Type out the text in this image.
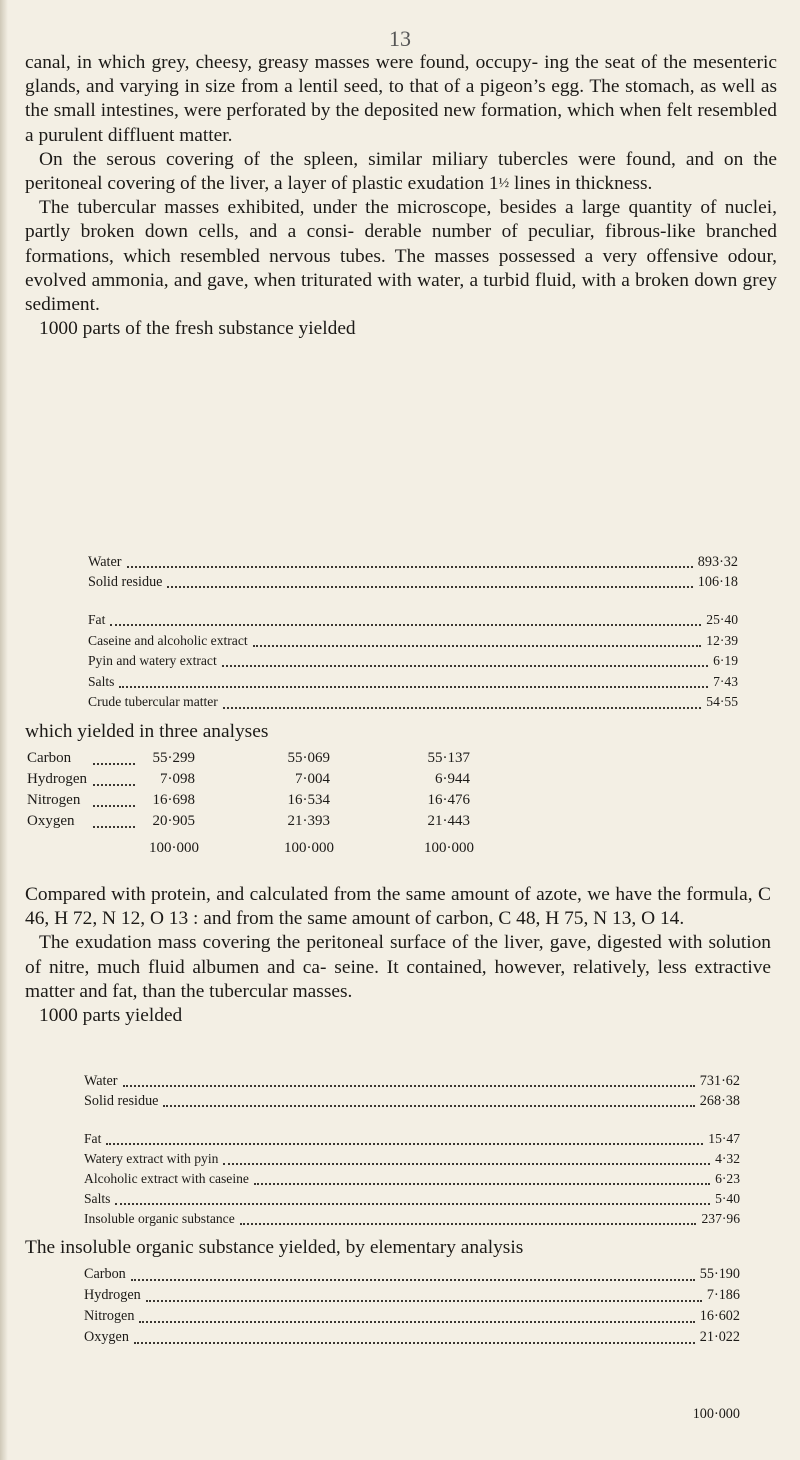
13

canal, in which grey, cheesy, greasy masses were found, occupy- ing the seat of the mesenteric glands, and varying in size from a lentil seed, to that of a pigeon’s egg. The stomach, as well as the small intestines, were perforated by the deposited new formation, which when felt resembled a purulent diffluent matter.

On the serous covering of the spleen, similar miliary tubercles were found, and on the peritoneal covering of the liver, a layer of plastic exudation 1½ lines in thickness.

The tubercular masses exhibited, under the microscope, besides a large quantity of nuclei, partly broken down cells, and a consi- derable number of peculiar, fibrous-like branched formations, which resembled nervous tubes. The masses possessed a very offensive odour, evolved ammonia, and gave, when triturated with water, a turbid fluid, with a broken down grey sediment.

1000 parts of the fresh substance yielded

Water	893·32
Solid residue	106·18
Fat	25·40
Caseine and alcoholic extract	12·39
Pyin and watery extract	6·19
Salts	7·43
Crude tubercular matter	54·55
which yielded in three analyses
Carbon	55·299	55·069	55·137
Hydrogen	7·098	7·004	6·944
Nitrogen	16·698	16·534	16·476
Oxygen	20·905	21·393	21·443
100·000	100·000	100·000

Compared with protein, and calculated from the same amount of azote, we have the formula, C 46, H 72, N 12, O 13 : and from the same amount of carbon, C 48, H 75, N 13, O 14.

The exudation mass covering the peritoneal surface of the liver, gave, digested with solution of nitre, much fluid albumen and ca- seine. It contained, however, relatively, less extractive matter and fat, than the tubercular masses.

1000 parts yielded

Water	731·62
Solid residue	268·38
Fat	15·47
Watery extract with pyin	4·32
Alcoholic extract with caseine	6·23
Salts	5·40
Insoluble organic substance	237·96
The insoluble organic substance yielded, by elementary analysis
Carbon	55·190
Hydrogen	7·186
Nitrogen	16·602
Oxygen	21·022
100·000
